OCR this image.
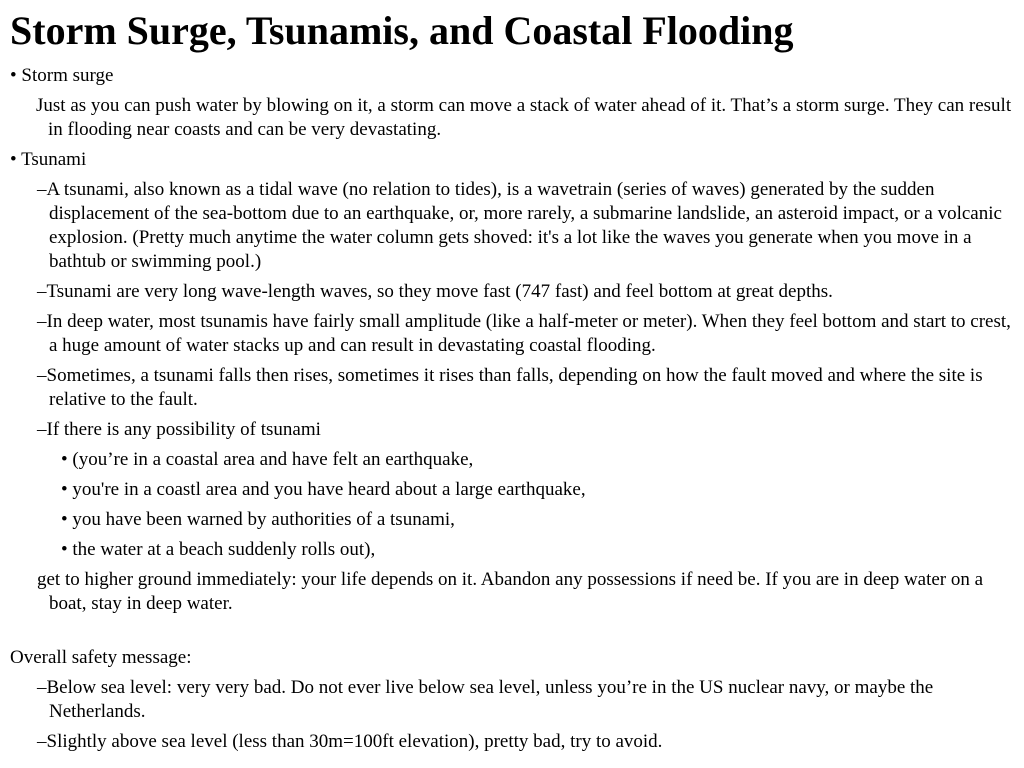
Storm Surge, Tsunamis, and Coastal Flooding
• Storm surge
Just as you can push water by blowing on it, a storm can move a stack of water ahead of it. That’s a storm surge. They can result in flooding near coasts and can be very devastating.
• Tsunami
–A tsunami, also known as a tidal wave (no relation to tides), is a wavetrain (series of waves) generated by the sudden displacement of the sea-bottom due to an earthquake, or, more rarely, a submarine landslide, an asteroid impact, or a volcanic explosion. (Pretty much anytime the water column gets shoved: it's a lot like the waves you generate when you move in a bathtub or swimming pool.)
–Tsunami are very long wave-length waves, so they move fast (747 fast) and feel bottom at great depths.
–In deep water, most tsunamis have fairly small amplitude (like a half-meter or meter). When they feel bottom and start to crest, a huge amount of water stacks up and can result in devastating coastal flooding.
–Sometimes, a tsunami falls then rises, sometimes it rises than falls, depending on how the fault moved and where the site is relative to the fault.
–If there is any possibility of tsunami
• (you’re in a coastal area and have felt an earthquake,
• you're in a coastl area and you have heard about a large earthquake,
• you have been warned by authorities of a tsunami,
• the water at a beach suddenly rolls out),
get to higher ground immediately: your life depends on it. Abandon any possessions if need be. If you are in deep water on a boat, stay in deep water.
Overall safety message:
–Below sea level: very very bad. Do not ever live below sea level, unless you’re in the US nuclear navy, or maybe the Netherlands.
–Slightly above sea level (less than 30m=100ft elevation), pretty bad, try to avoid.
